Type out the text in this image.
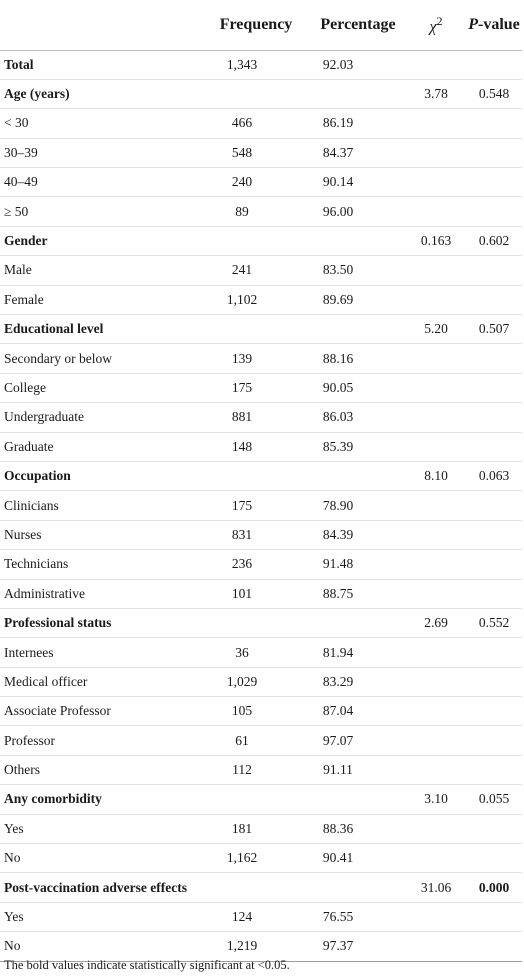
	Frequency	Percentage	$\chi^2$	P-value
Total	1,343	92.03		
Age (years)			3.78	0.548
< 30	466	86.19		
30–39	548	84.37		
40–49	240	90.14		
≥ 50	89	96.00		
Gender			0.163	0.602
Male	241	83.50		
Female	1,102	89.69		
Educational level			5.20	0.507
Secondary or below	139	88.16		
College	175	90.05		
Undergraduate	881	86.03		
Graduate	148	85.39		
Occupation			8.10	0.063
Clinicians	175	78.90		
Nurses	831	84.39		
Technicians	236	91.48		
Administrative	101	88.75		
Professional status			2.69	0.552
Internees	36	81.94		
Medical officer	1,029	83.29		
Associate Professor	105	87.04		
Professor	61	97.07		
Others	112	91.11		
Any comorbidity			3.10	0.055
Yes	181	88.36		
No	1,162	90.41		
Post-vaccination adverse effects			31.06	0.000
Yes	124	76.55		
No	1,219	97.37		
The bold values indicate statistically significant at <0.05.
